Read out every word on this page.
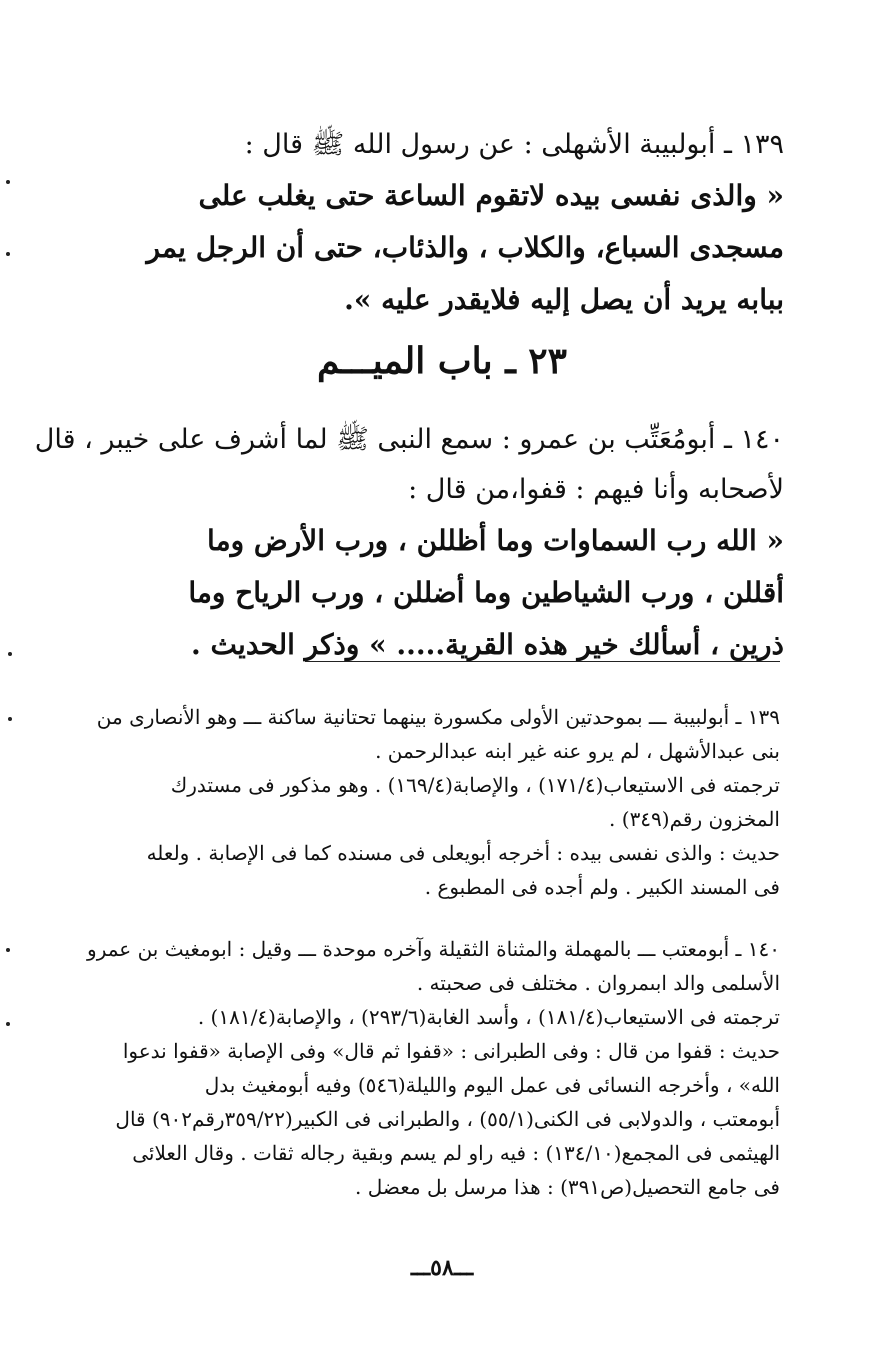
١٣٩ ـ أبولبيبة الأشهلى : عن رسول الله ﷺ قال :
« والذى نفسى بيده لاتقوم الساعة حتى يغلب على
مسجدى السباع، والكلاب ، والذئاب، حتى أن الرجل يمر
ببابه يريد أن يصل إليه فلايقدر عليه ».
٢٣ ـ باب الميـــم
١٤٠ ـ أبومُعَتِّب بن عمرو : سمع النبى ﷺ لما أشرف على خيبر ، قال
لأصحابه وأنا فيهم : قفوا،من قال :
« الله رب السماوات وما أظللن ، ورب الأرض وما
أقللن ، ورب الشياطين وما أضللن ، ورب الرياح وما
ذرين ، أسألك خير هذه القرية..... » وذكر الحديث .
١٣٩ ـ أبولبيبة ـــ بموحدتين الأولى مكسورة بينهما تحتانية ساكنة ـــ وهو الأنصارى من
بنى عبدالأشهل ، لم يرو عنه غير ابنه عبدالرحمن .
ترجمته فى الاستيعاب(١٧١/٤) ، والإصابة(١٦٩/٤) . وهو مذكور فى مستدرك
المخزون رقم(٣٤٩) .
حديث : والذى نفسى بيده : أخرجه أبويعلى فى مسنده كما فى الإصابة . ولعله
فى المسند الكبير . ولم أجده فى المطبوع .
١٤٠ ـ أبومعتب ـــ بالمهملة والمثناة الثقيلة وآخره موحدة ـــ وقيل : ابومغيث بن عمرو
الأسلمى والد ابىمروان . مختلف فى صحبته .
ترجمته فى الاستيعاب(١٨١/٤) ، وأسد الغابة(٢٩٣/٦) ، والإصابة(١٨١/٤) .
حديث : قفوا من قال : وفى الطبرانى : «قفوا ثم قال» وفى الإصابة «قفوا ندعوا
الله» ، وأخرجه النسائى فى عمل اليوم والليلة(٥٤٦) وفيه أبومغيث بدل
أبومعتب ، والدولابى فى الكنى(٥٥/١) ، والطبرانى فى الكبير(٣٥٩/٢٢رقم٩٠٢) قال
الهيثمى فى المجمع(١٣٤/١٠) : فيه راو لم يسم وبقية رجاله ثقات . وقال العلائى
فى جامع التحصيل(ص٣٩١) : هذا مرسل بل معضل .
ـــ٥٨ـــ
